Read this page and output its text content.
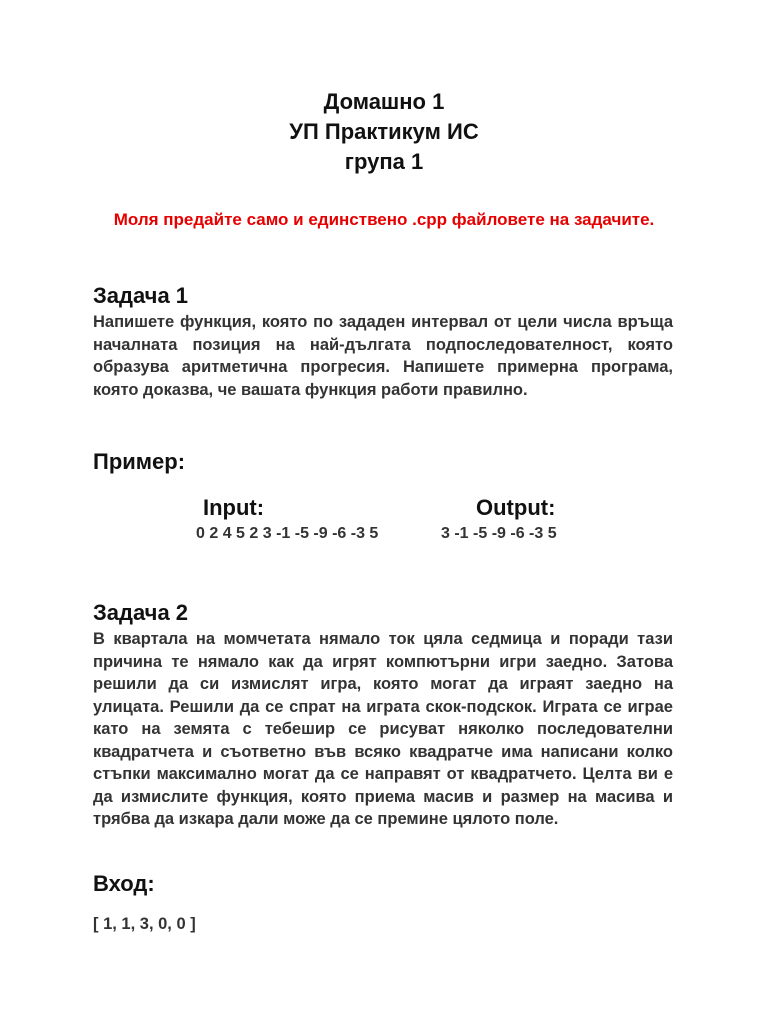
Домашно 1
УП Практикум ИС
група 1
Моля предайте само и единствено .cpp файловете на задачите.
Задача 1
Напишете функция, която по зададен интервал от цели числа връща началната позиция на най-дългата подпоследователност, която образува аритметична прогресия. Напишете примерна програма, която доказва, че вашата функция работи правилно.
Пример:
Input:	Output:
0 2 4 5 2 3 -1 -5 -9 -6 -3 5	3 -1 -5 -9 -6 -3 5
Задача 2
В квартала на момчетата нямало ток цяла седмица и поради тази причина те нямало как да игрят компютърни игри заедно. Затова решили да си измислят игра, която могат да играят заедно на улицата. Решили да се спрат на играта скок-подскок. Играта се играе като на земята с тебешир се рисуват няколко последователни квадратчета и съответно във всяко квадратче има написани колко стъпки максимално могат да се направят от квадратчето. Целта ви е да измислите функция, която приема масив и размер на масива и трябва да изкара дали може да се премине цялото поле.
Вход:
[ 1, 1, 3, 0, 0 ]
